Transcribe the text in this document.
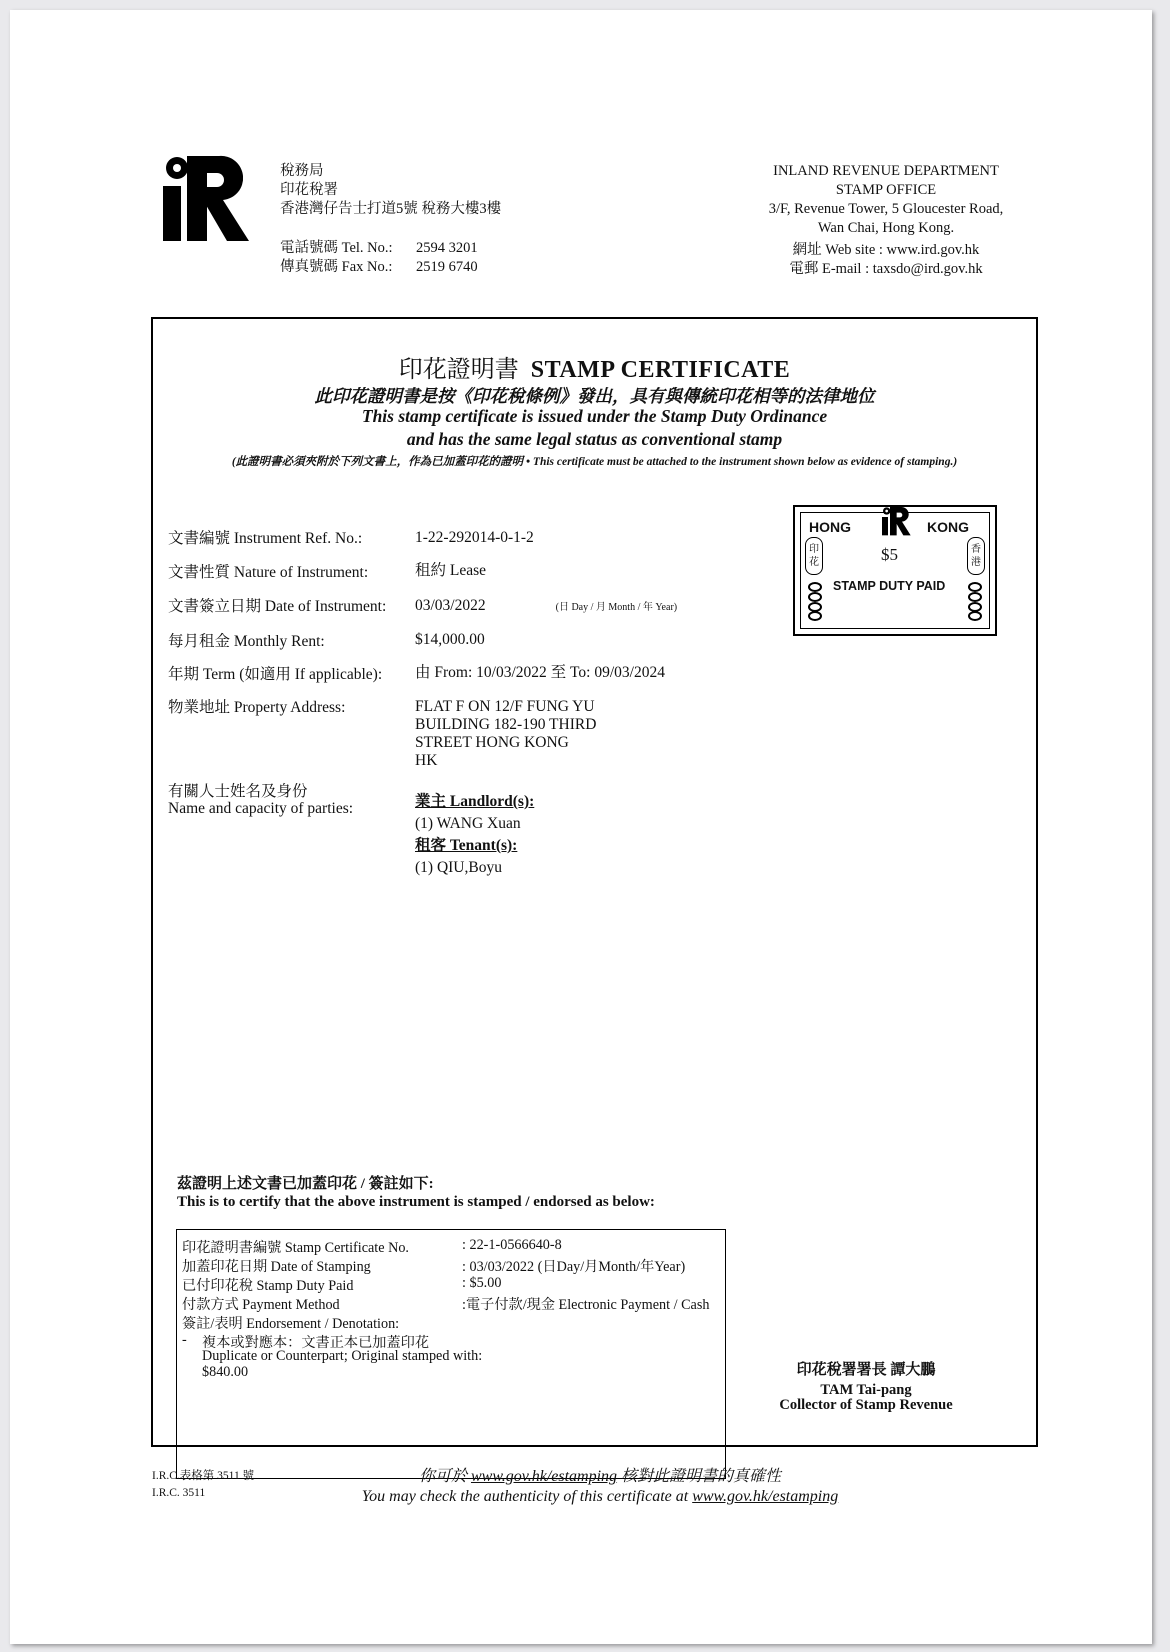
稅務局
印花稅署
香港灣仔告士打道5號 稅務大樓3樓
電話號碼 Tel. No.: 2594 3201
傳真號碼 Fax No.: 2519 6740
INLAND REVENUE DEPARTMENT
STAMP OFFICE
3/F, Revenue Tower, 5 Gloucester Road,
Wan Chai, Hong Kong.
網址 Web site : www.ird.gov.hk
電郵 E-mail : taxsdo@ird.gov.hk
印花證明書 STAMP CERTIFICATE
此印花證明書是按《印花稅條例》發出，具有與傳統印花相等的法律地位
This stamp certificate is issued under the Stamp Duty Ordinance
and has the same legal status as conventional stamp
(此證明書必須夾附於下列文書上，作為已加蓋印花的證明 • This certificate must be attached to the instrument shown below as evidence of stamping.)
文書編號 Instrument Ref. No.:	1-22-292014-0-1-2
文書性質 Nature of Instrument:	租約 Lease
文書簽立日期 Date of Instrument: 03/03/2022	(日 Day / 月 Month / 年 Year)
每月租金 Monthly Rent:	$14,000.00
年期 Term (如適用 If applicable): 由 From: 10/03/2022 至 To: 09/03/2024
物業地址 Property Address:	FLAT F ON 12/F FUNG YU
BUILDING 182-190 THIRD
STREET HONG KONG
HK
有關人士姓名及身份
Name and capacity of parties:	業主 Landlord(s):
(1) WANG Xuan
租客 Tenant(s):
(1) QIU,Boyu
HONG	KONG
$5
STAMP DUTY PAID
印花
香港
茲證明上述文書已加蓋印花 / 簽註如下:
This is to certify that the above instrument is stamped / endorsed as below:
印花證明書編號 Stamp Certificate No.	: 22-1-0566640-8
加蓋印花日期 Date of Stamping	: 03/03/2022 (日Day/月Month/年Year)
已付印花稅 Stamp Duty Paid	: $5.00
付款方式 Payment Method	:電子付款/現金 Electronic Payment / Cash
簽註/表明 Endorsement / Denotation:
- 複本或對應本：文書正本已加蓋印花
Duplicate or Counterpart; Original stamped with:
$840.00	印花稅署署長 譚大鵬
TAM Tai-pang
Collector of Stamp Revenue
I.R.C.表格第 3511 號
I.R.C. 3511
你可於 www.gov.hk/estamping 核對此證明書的真確性
You may check the authenticity of this certificate at www.gov.hk/estamping
